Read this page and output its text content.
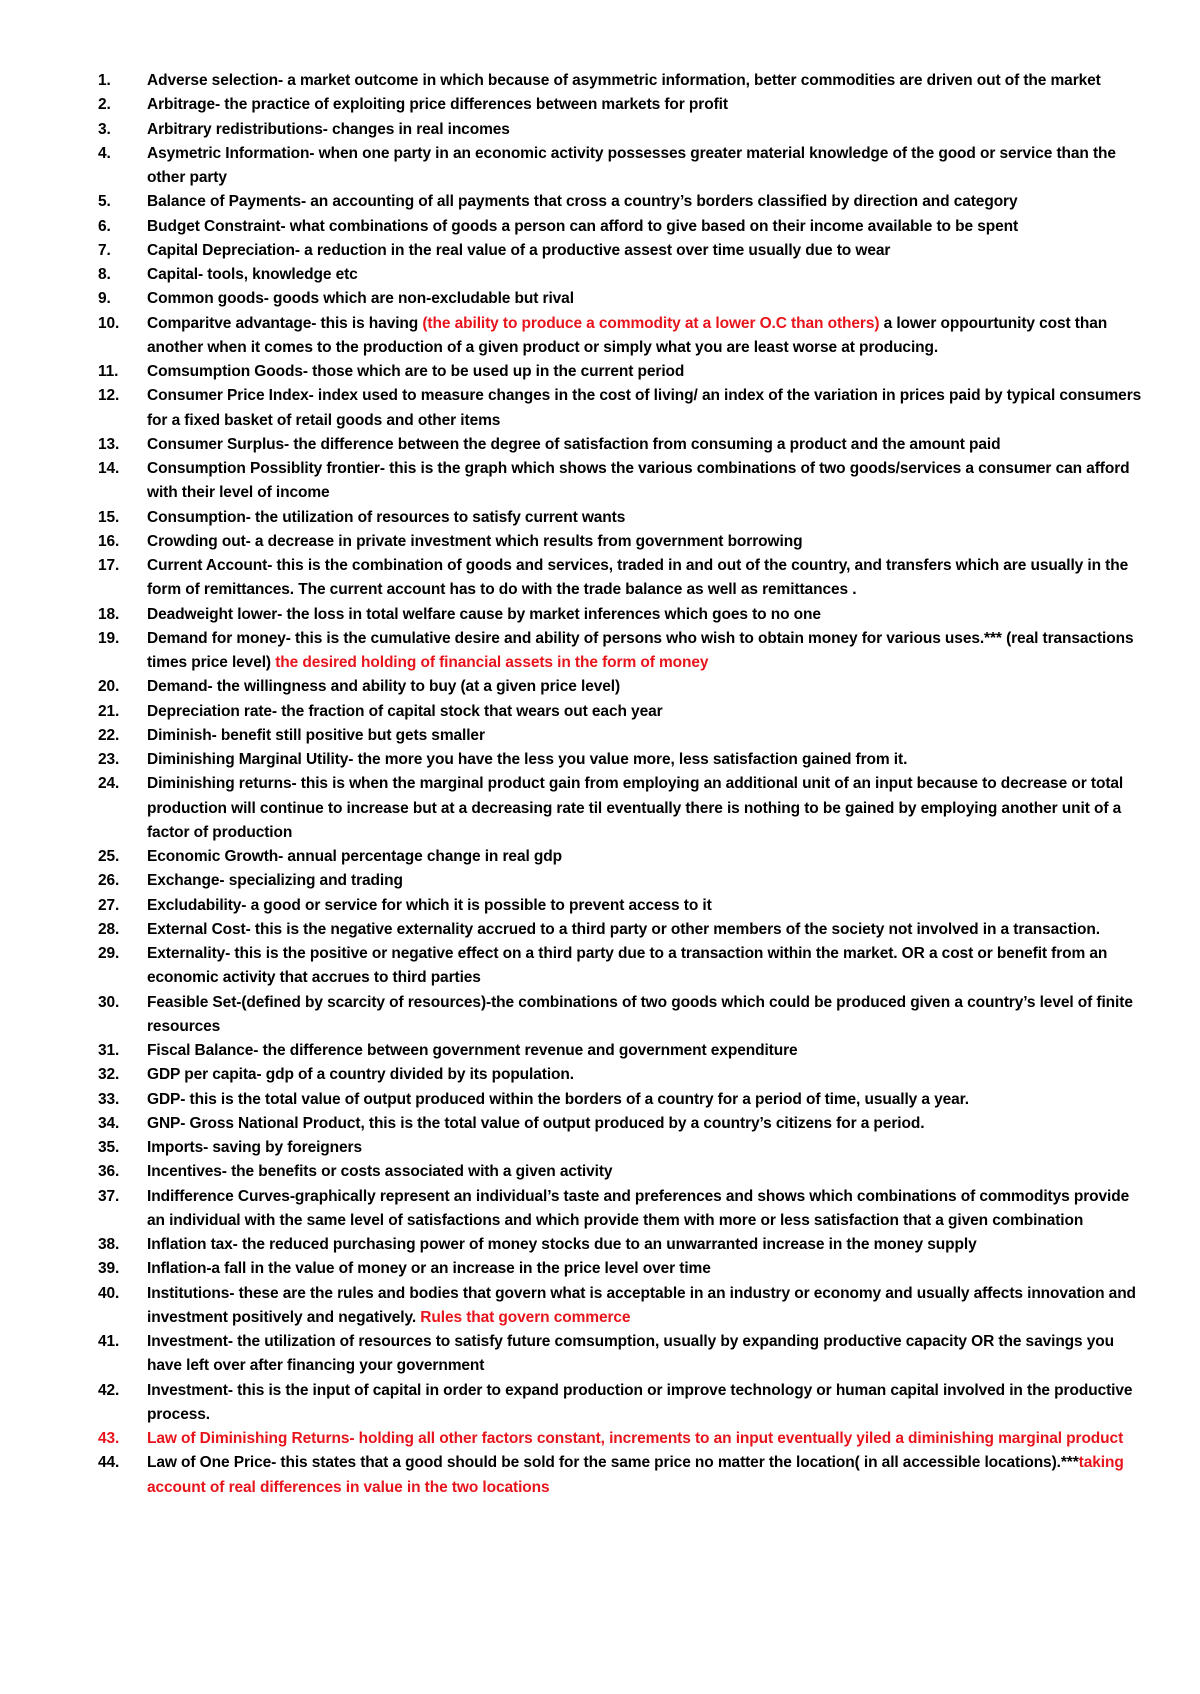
1.	Adverse selection- a market outcome in which because of asymmetric information, better commodities are driven out of the market
2.	Arbitrage- the practice of exploiting price differences between markets for profit
3.	Arbitrary redistributions- changes in real incomes
4.	Asymetric Information- when one party in an economic activity possesses greater material knowledge of the good or service than the other party
5.	Balance of Payments- an accounting of all payments that cross a country’s borders classified by direction and category
6.	Budget Constraint- what combinations of goods a person can afford to give based on their income available to be spent
7.	Capital Depreciation- a reduction in the real value of a productive assest over time usually due to wear
8.	Capital- tools, knowledge etc
9.	Common goods- goods which are non-excludable but rival
10.	Comparitve advantage- this is having (the ability to produce a commodity at a lower O.C than others) a lower oppourtunity cost than another when it comes to the production of a given product or simply what you are least worse at producing.
11.	Comsumption Goods- those which are to be used up in the current period
12.	Consumer Price Index- index used to measure changes in the cost of living/ an index of the variation in prices paid by typical consumers for a fixed basket of retail goods and other items
13.	Consumer Surplus- the difference between the degree of satisfaction from consuming a product and the amount paid
14.	Consumption Possiblity frontier- this is the graph which shows the various combinations of two goods/services a consumer can afford with their level of income
15.	Consumption- the utilization of resources to satisfy current wants
16.	Crowding out- a decrease in private investment which results from government borrowing
17.	Current Account- this is the combination of goods and services, traded in and out of the country, and transfers which are usually in the form of remittances. The current account has to do with the trade balance as well as remittances .
18.	Deadweight lower- the loss in total welfare cause by market inferences which goes to no one
19.	Demand for money- this is the cumulative desire and ability of persons who wish to obtain money for various uses.*** (real transactions times price level) the desired holding of financial assets in the form of money
20.	Demand- the willingness and ability to buy (at a given price level)
21.	Depreciation rate- the fraction of capital stock that wears out each year
22.	Diminish- benefit still positive but gets smaller
23.	Diminishing Marginal Utility- the more you have the less you value more, less satisfaction gained from it.
24.	Diminishing returns- this is when the marginal product gain from employing an additional unit of an input because to decrease or total production will continue to increase but at a decreasing rate til eventually there is nothing to be gained by employing another unit of a factor of production
25.	Economic Growth- annual percentage change in real gdp
26.	Exchange- specializing and trading
27.	Excludability- a good or service for which it is possible to prevent access to it
28.	External Cost- this is the negative externality accrued to a third party or other members of the society not involved in a transaction.
29.	Externality- this is the positive or negative effect on a third party due to a transaction within the market. OR a cost or benefit from an economic activity that accrues to third parties
30.	Feasible Set-(defined by scarcity of resources)-the combinations of two goods which could be produced given a country’s level of finite resources
31.	Fiscal Balance- the difference between government revenue and government expenditure
32.	GDP per capita- gdp of a country divided by its population.
33.	GDP- this is the total value of output produced within the borders of a country for a period of time, usually a year.
34.	GNP- Gross National Product, this is the total value of output produced by a country’s citizens for a period.
35.	Imports- saving by foreigners
36.	Incentives- the benefits or costs associated with a given activity
37.	Indifference Curves-graphically represent an individual’s taste and preferences and shows which combinations of commoditys provide an individual with the same level of satisfactions and which provide them with more or less satisfaction that a given combination
38.	Inflation tax- the reduced purchasing power of money stocks due to an unwarranted increase in the money supply
39.	Inflation-a fall in the value of money or an increase in the price level over time
40.	Institutions- these are the rules and bodies that govern what is acceptable in an industry or economy and usually affects innovation and investment positively and negatively. Rules that govern commerce
41.	Investment- the utilization of resources to satisfy future comsumption, usually by expanding productive capacity OR the savings you have left over after financing your government
42.	Investment- this is the input of capital in order to expand production or improve technology or human capital involved in the productive process.
43.	Law of Diminishing Returns- holding all other factors constant, increments to an input eventually yiled a diminishing marginal product
44.	Law of One Price- this states that a good should be sold for the same price no matter the location( in all accessible locations).***taking account of real differences in value in the two locations
